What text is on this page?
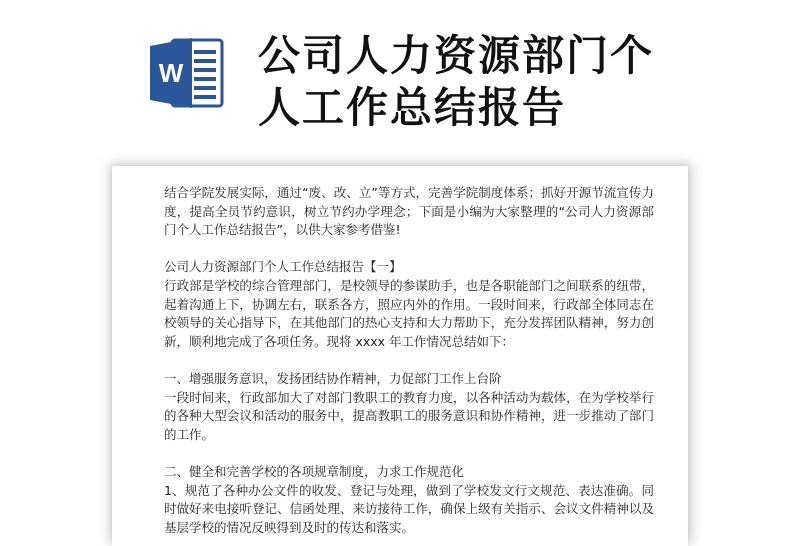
W 公司人力资源部门个
人工作总结报告

结合学院发展实际，通过“废、改、立”等方式，完善学院制度体系；抓好开源节流宣传力度，提高全员节约意识，树立节约办学理念；下面是小编为大家整理的“公司人力资源部门个人工作总结报告”，以供大家参考借鉴!

公司人力资源部门个人工作总结报告【一】

行政部是学校的综合管理部门，是校领导的参谋助手，也是各职能部门之间联系的纽带，起着沟通上下，协调左右，联系各方，照应内外的作用。一段时间来，行政部全体同志在校领导的关心指导下，在其他部门的热心支持和大力帮助下，充分发挥团队精神，努力创新，顺利地完成了各项任务。现将 xxxx 年工作情况总结如下：

一、增强服务意识，发扬团结协作精神，力促部门工作上台阶

一段时间来，行政部加大了对部门教职工的教育力度，以各种活动为载体，在为学校举行的各种大型会议和活动的服务中，提高教职工的服务意识和协作精神，进一步推动了部门的工作。

二、健全和完善学校的各项规章制度，力求工作规范化

1、规范了各种办公文件的收发、登记与处理，做到了学校发文行文规范、表达准确。同时做好来电接听登记、信函处理、来访接待工作，确保上级有关指示、会议文件精神以及基层学校的情况反映得到及时的传达和落实。
